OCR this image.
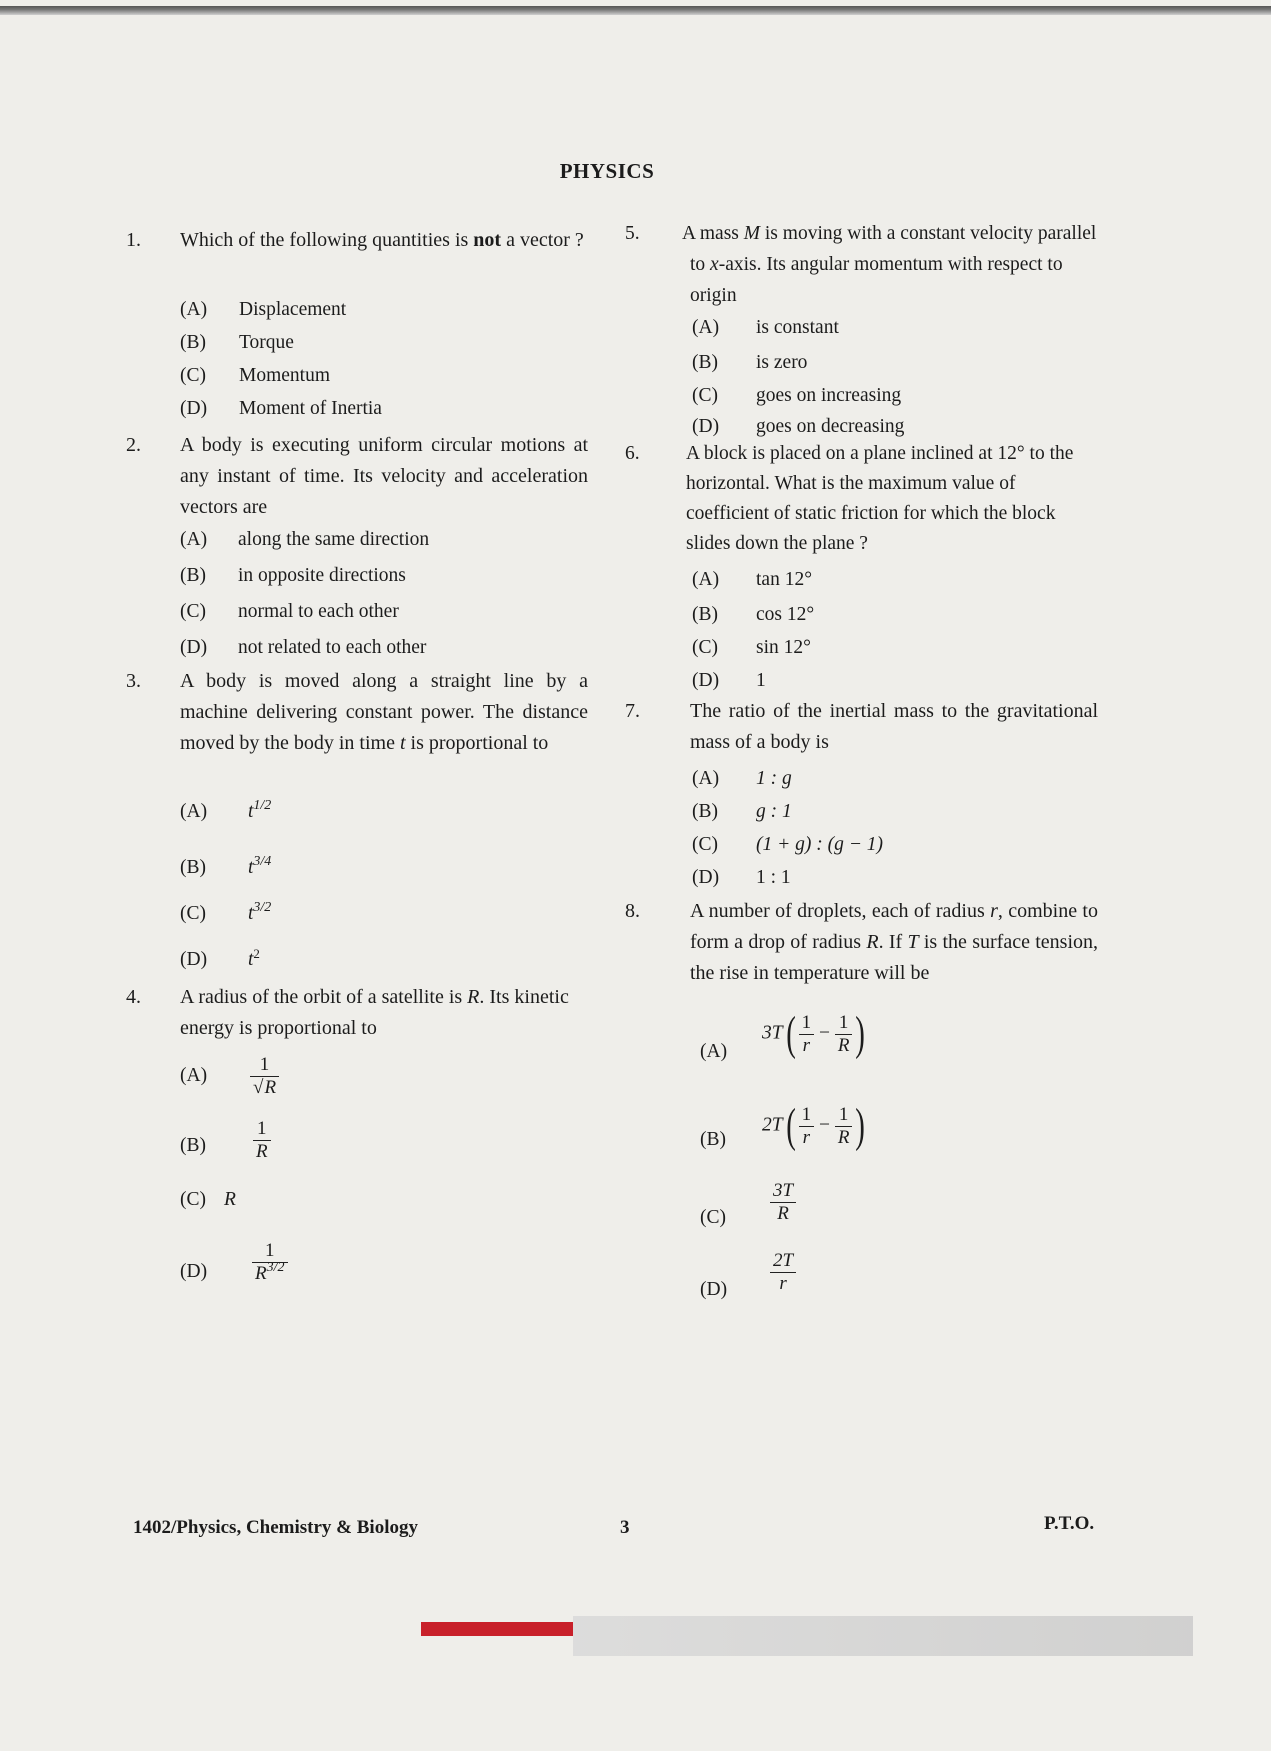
PHYSICS
1. Which of the following quantities is not a vector ?
(A) Displacement
(B) Torque
(C) Momentum
(D) Moment of Inertia
2. A body is executing uniform circular motions at any instant of time. Its velocity and acceleration vectors are
(A) along the same direction
(B) in opposite directions
(C) normal to each other
(D) not related to each other
3. A body is moved along a straight line by a machine delivering constant power. The distance moved by the body in time t is proportional to
(A) $t^{1/2}$
(B) $t^{3/4}$
(C) $t^{3/2}$
(D) $t^2$
4. A radius of the orbit of a satellite is R. Its kinetic energy is proportional to
$(A) \frac{1}{√R}$
$(B) \frac{1}{R}$
(C) R
$(D) \frac{1}{R^{3/2}}$
5. A mass M is moving with a constant velocity parallel to x-axis. Its angular momentum with respect to origin
(A) is constant
(B) is zero
(C) goes on increasing
(D) goes on decreasing
6. A block is placed on a plane inclined at 12° to the horizontal. What is the maximum value of coefficient of static friction for which the block slides down the plane ?
(A) tan 12°
(B) cos 12°
(C) sin 12°
(D) 1
7.	The ratio of the inertial mass to the gravitational mass of a body is
(A) 1 : g
(B) g : 1
(C) (1 + g) : (g − 1)
(D) 1 : 1
8.	A number of droplets, each of radius r, combine to form a drop of radius R. If T is the surface tension, the rise in temperature will be
(A)
$3T( \frac{1}{r} - \frac{1}{R}$ )
(B)
$2T( \frac{1}{r} - \frac{1}{R}$ )
$(C) \frac{3T}{R}$
$(D) \frac{2T}{r}$
1402/Physics, Chemistry & Biology	3	P.T.O.
